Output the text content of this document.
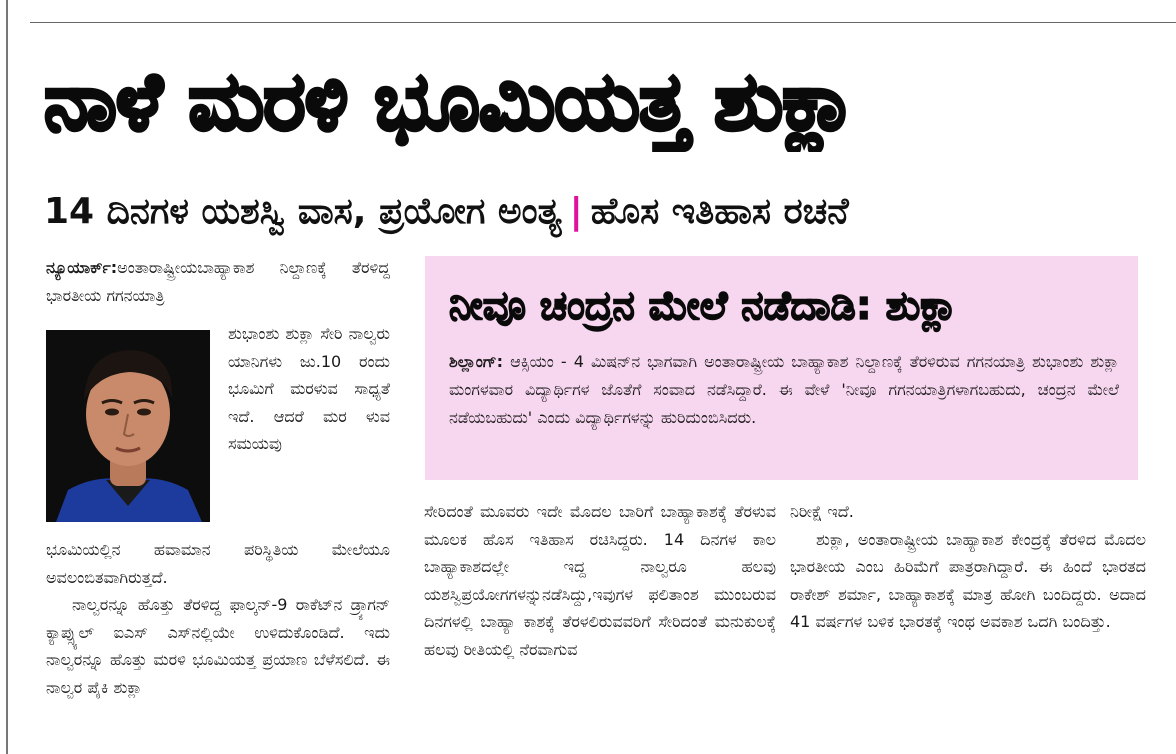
ನಾಳೆ ಮರಳಿ ಭೂಮಿಯತ್ತ ಶುಕ್ಲಾ
14 ದಿನಗಳ ಯಶಸ್ವಿ ವಾಸ, ಪ್ರಯೋಗ ಅಂತ್ಯ | ಹೊಸ ಇತಿಹಾಸ ರಚನೆ

ನ್ಯೂಯಾರ್ಕ್:ಅಂತಾರಾಷ್ಟ್ರೀಯಬಾಹ್ಯಾಕಾಶ ನಿಲ್ದಾಣಕ್ಕೆ ತೆರಳಿದ್ದ ಭಾರತೀಯ ಗಗನಯಾತ್ರಿ

ಶುಭಾಂಶು ಶುಕ್ಲಾ ಸೇರಿ ನಾಲ್ವರು ಯಾನಿಗಳು ಜು.10 ರಂದು ಭೂಮಿಗೆ ಮರಳುವ ಸಾಧ್ಯತೆ ಇದೆ. ಆದರೆ ಮರ ಳುವ ಸಮಯವು

ಭೂಮಿಯಲ್ಲಿನ ಹವಾಮಾನ ಪರಿಸ್ಥಿತಿಯ ಮೇಲೆಯೂ ಅವಲಂಬಿತವಾಗಿರುತ್ತದೆ.

ನಾಲ್ವರನ್ನೂ ಹೊತ್ತು ತೆರಳಿದ್ದ ಫಾಲ್ಕನ್-9 ರಾಕೆಟ್‌ನ ಡ್ರ್ಯಾಗನ್ ಕ್ಯಾಪ್ಸ್ಯುಲ್ ಐಎಸ್ ಎಸ್‌ನಲ್ಲಿಯೇ ಉಳಿದುಕೊಂಡಿದೆ. ಇದು ನಾಲ್ವರನ್ನೂ ಹೊತ್ತು ಮರಳಿ ಭೂಮಿಯತ್ತ ಪ್ರಯಾಣ ಬೆಳೆಸಲಿದೆ. ಈ ನಾಲ್ವರ ಪೈಕಿ ಶುಕ್ಲಾ

ನೀವೂ ಚಂದ್ರನ ಮೇಲೆ ನಡೆದಾಡಿ: ಶುಕ್ಲಾ
ಶಿಲ್ಲಾಂಗ್: ಆಕ್ಸಿಯಂ - 4 ಮಿಷನ್‌ನ ಭಾಗವಾಗಿ ಅಂತಾರಾಷ್ಟ್ರೀಯ ಬಾಹ್ಯಾಕಾಶ ನಿಲ್ದಾಣಕ್ಕೆ ತೆರಳಿರುವ ಗಗನಯಾತ್ರಿ ಶುಭಾಂಶು ಶುಕ್ಲಾ ಮಂಗಳವಾರ ವಿದ್ಯಾರ್ಥಿಗಳ ಜೊತೆಗೆ ಸಂವಾದ ನಡೆಸಿದ್ದಾರೆ. ಈ ವೇಳೆ 'ನೀವೂ ಗಗನಯಾತ್ರಿಗಳಾಗಬಹುದು, ಚಂದ್ರನ ಮೇಲೆ ನಡೆಯಬಹುದು' ಎಂದು ವಿದ್ಯಾರ್ಥಿಗಳನ್ನು ಹುರಿದುಂಬಿಸಿದರು.

ಸೇರಿದಂತೆ ಮೂವರು ಇದೇ ಮೊದಲ ಬಾರಿಗೆ ಬಾಹ್ಯಾಕಾಶಕ್ಕೆ ತೆರಳುವ ಮೂಲಕ ಹೊಸ ಇತಿಹಾಸ ರಚಿಸಿದ್ದರು. 14 ದಿನಗಳ ಕಾಲ ಬಾಹ್ಯಾಕಾಶದಲ್ಲೇ ಇದ್ದ ನಾಲ್ವರೂ ಹಲವು ಯಶಸ್ವಿಪ್ರಯೋಗಗಳನ್ನುನಡೆಸಿದ್ದು,ಇವುಗಳ ಫಲಿತಾಂಶ ಮುಂಬರುವ ದಿನಗಳಲ್ಲಿ ಬಾಹ್ಯಾ ಕಾಶಕ್ಕೆ ತೆರಳಲಿರುವವರಿಗೆ ಸೇರಿದಂತೆ ಮನುಕುಲಕ್ಕೆ ಹಲವು ರೀತಿಯಲ್ಲಿ ನೆರವಾಗುವ

ನಿರೀಕ್ಷೆ ಇದೆ.

ಶುಕ್ಲಾ, ಅಂತಾರಾಷ್ಟ್ರೀಯ ಬಾಹ್ಯಾಕಾಶ ಕೇಂದ್ರಕ್ಕೆ ತೆರಳಿದ ಮೊದಲ ಭಾರತೀಯ ಎಂಬ ಹಿರಿಮೆಗೆ ಪಾತ್ರರಾಗಿದ್ದಾರೆ. ಈ ಹಿಂದೆ ಭಾರತದ ರಾಕೇಶ್ ಶರ್ಮಾ, ಬಾಹ್ಯಾಕಾಶಕ್ಕೆ ಮಾತ್ರ ಹೋಗಿ ಬಂದಿದ್ದರು. ಅದಾದ 41 ವರ್ಷಗಳ ಬಳಿಕ ಭಾರತಕ್ಕೆ ಇಂಥ ಅವಕಾಶ ಒದಗಿ ಬಂದಿತ್ತು.
